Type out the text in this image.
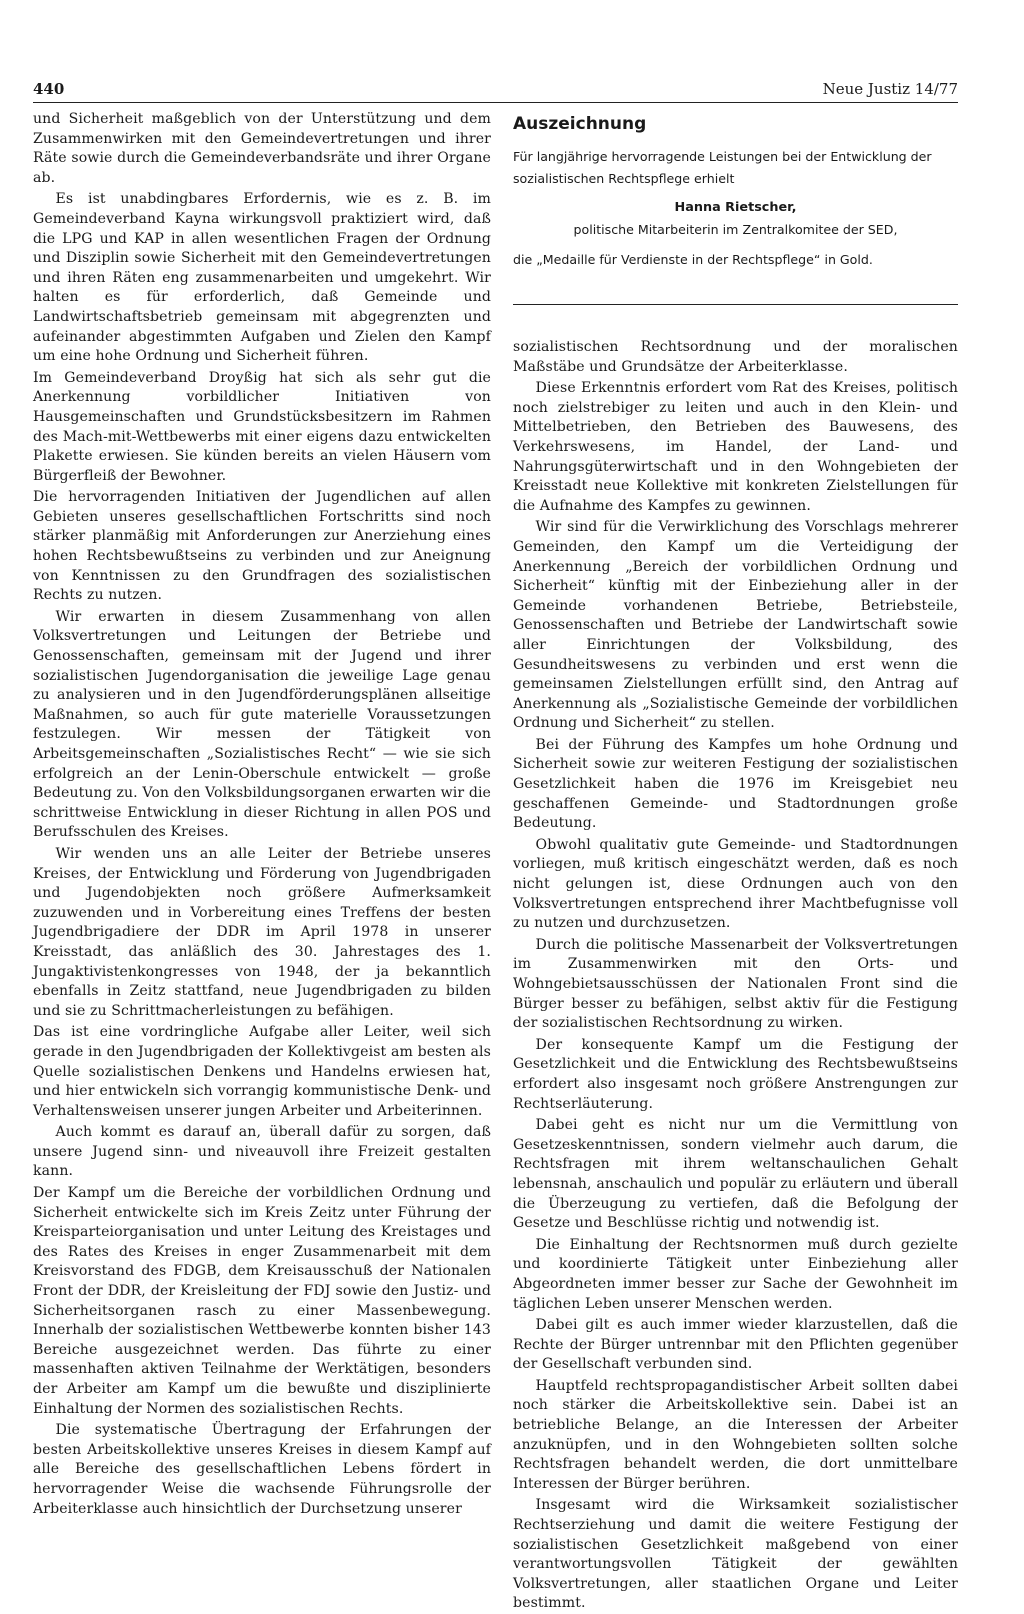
440	Neue Justiz 14/77

und Sicherheit maßgeblich von der Unterstützung und dem Zusammenwirken mit den Gemeindevertretungen und ihrer Räte sowie durch die Gemeindeverbandsräte und ihrer Organe ab.

Es ist unabdingbares Erfordernis, wie es z. B. im Gemeindeverband Kayna wirkungsvoll praktiziert wird, daß die LPG und KAP in allen wesentlichen Fragen der Ordnung und Disziplin sowie Sicherheit mit den Gemeindevertretungen und ihren Räten eng zusammenarbeiten und umgekehrt. Wir halten es für erforderlich, daß Gemeinde und Landwirtschaftsbetrieb gemeinsam mit abgegrenzten und aufeinander abgestimmten Aufgaben und Zielen den Kampf um eine hohe Ordnung und Sicherheit führen.

Im Gemeindeverband Droyßig hat sich als sehr gut die Anerkennung vorbildlicher Initiativen von Hausgemeinschaften und Grundstücksbesitzern im Rahmen des Mach-mit-Wettbewerbs mit einer eigens dazu entwickelten Plakette erwiesen. Sie künden bereits an vielen Häusern vom Bürgerfleiß der Bewohner.

Die hervorragenden Initiativen der Jugendlichen auf allen Gebieten unseres gesellschaftlichen Fortschritts sind noch stärker planmäßig mit Anforderungen zur Anerziehung eines hohen Rechtsbewußtseins zu verbinden und zur Aneignung von Kenntnissen zu den Grundfragen des sozialistischen Rechts zu nutzen.

Wir erwarten in diesem Zusammenhang von allen Volksvertretungen und Leitungen der Betriebe und Genossenschaften, gemeinsam mit der Jugend und ihrer sozialistischen Jugendorganisation die jeweilige Lage genau zu analysieren und in den Jugendförderungsplänen allseitige Maßnahmen, so auch für gute materielle Voraussetzungen festzulegen. Wir messen der Tätigkeit von Arbeitsgemeinschaften „Sozialistisches Recht“ — wie sie sich erfolgreich an der Lenin-Oberschule entwickelt — große Bedeutung zu. Von den Volksbildungsorganen erwarten wir die schrittweise Entwicklung in dieser Richtung in allen POS und Berufsschulen des Kreises.

Wir wenden uns an alle Leiter der Betriebe unseres Kreises, der Entwicklung und Förderung von Jugendbrigaden und Jugendobjekten noch größere Aufmerksamkeit zuzuwenden und in Vorbereitung eines Treffens der besten Jugendbrigadiere der DDR im April 1978 in unserer Kreisstadt, das anläßlich des 30. Jahrestages des 1. Jungaktivistenkongresses von 1948, der ja bekanntlich ebenfalls in Zeitz stattfand, neue Jugendbrigaden zu bilden und sie zu Schrittmacherleistungen zu befähigen.

Das ist eine vordringliche Aufgabe aller Leiter, weil sich gerade in den Jugendbrigaden der Kollektivgeist am besten als Quelle sozialistischen Denkens und Handelns erwiesen hat, und hier entwickeln sich vorrangig kommunistische Denk- und Verhaltensweisen unserer jungen Arbeiter und Arbeiterinnen.

Auch kommt es darauf an, überall dafür zu sorgen, daß unsere Jugend sinn- und niveauvoll ihre Freizeit gestalten kann.

Der Kampf um die Bereiche der vorbildlichen Ordnung und Sicherheit entwickelte sich im Kreis Zeitz unter Führung der Kreisparteiorganisation und unter Leitung des Kreistages und des Rates des Kreises in enger Zusammenarbeit mit dem Kreisvorstand des FDGB, dem Kreisausschuß der Nationalen Front der DDR, der Kreisleitung der FDJ sowie den Justiz- und Sicherheitsorganen rasch zu einer Massenbewegung. Innerhalb der sozialistischen Wettbewerbe konnten bisher 143 Bereiche ausgezeichnet werden. Das führte zu einer massenhaften aktiven Teilnahme der Werktätigen, besonders der Arbeiter am Kampf um die bewußte und disziplinierte Einhaltung der Normen des sozialistischen Rechts.

Die systematische Übertragung der Erfahrungen der besten Arbeitskollektive unseres Kreises in diesem Kampf auf alle Bereiche des gesellschaftlichen Lebens fördert in hervorragender Weise die wachsende Führungsrolle der Arbeiterklasse auch hinsichtlich der Durchsetzung unserer

Auszeichnung

Für langjährige hervorragende Leistungen bei der Entwicklung der sozialistischen Rechtspflege erhielt

Hanna Rietscher,

politische Mitarbeiterin im Zentralkomitee der SED,

die „Medaille für Verdienste in der Rechtspflege“ in Gold.

sozialistischen Rechtsordnung und der moralischen Maßstäbe und Grundsätze der Arbeiterklasse.

Diese Erkenntnis erfordert vom Rat des Kreises, politisch noch zielstrebiger zu leiten und auch in den Klein- und Mittelbetrieben, den Betrieben des Bauwesens, des Verkehrswesens, im Handel, der Land- und Nahrungsgüterwirtschaft und in den Wohngebieten der Kreisstadt neue Kollektive mit konkreten Zielstellungen für die Aufnahme des Kampfes zu gewinnen.

Wir sind für die Verwirklichung des Vorschlags mehrerer Gemeinden, den Kampf um die Verteidigung der Anerkennung „Bereich der vorbildlichen Ordnung und Sicherheit“ künftig mit der Einbeziehung aller in der Gemeinde vorhandenen Betriebe, Betriebsteile, Genossenschaften und Betriebe der Landwirtschaft sowie aller Einrichtungen der Volksbildung, des Gesundheitswesens zu verbinden und erst wenn die gemeinsamen Zielstellungen erfüllt sind, den Antrag auf Anerkennung als „Sozialistische Gemeinde der vorbildlichen Ordnung und Sicherheit“ zu stellen.

Bei der Führung des Kampfes um hohe Ordnung und Sicherheit sowie zur weiteren Festigung der sozialistischen Gesetzlichkeit haben die 1976 im Kreisgebiet neu geschaffenen Gemeinde- und Stadtordnungen große Bedeutung.

Obwohl qualitativ gute Gemeinde- und Stadtordnungen vorliegen, muß kritisch eingeschätzt werden, daß es noch nicht gelungen ist, diese Ordnungen auch von den Volksvertretungen entsprechend ihrer Machtbefugnisse voll zu nutzen und durchzusetzen.

Durch die politische Massenarbeit der Volksvertretungen im Zusammenwirken mit den Orts- und Wohngebietsausschüssen der Nationalen Front sind die Bürger besser zu befähigen, selbst aktiv für die Festigung der sozialistischen Rechtsordnung zu wirken.

Der konsequente Kampf um die Festigung der Gesetzlichkeit und die Entwicklung des Rechtsbewußtseins erfordert also insgesamt noch größere Anstrengungen zur Rechtserläuterung.

Dabei geht es nicht nur um die Vermittlung von Gesetzeskenntnissen, sondern vielmehr auch darum, die Rechtsfragen mit ihrem weltanschaulichen Gehalt lebensnah, anschaulich und populär zu erläutern und überall die Überzeugung zu vertiefen, daß die Befolgung der Gesetze und Beschlüsse richtig und notwendig ist.

Die Einhaltung der Rechtsnormen muß durch gezielte und koordinierte Tätigkeit unter Einbeziehung aller Abgeordneten immer besser zur Sache der Gewohnheit im täglichen Leben unserer Menschen werden.

Dabei gilt es auch immer wieder klarzustellen, daß die Rechte der Bürger untrennbar mit den Pflichten gegenüber der Gesellschaft verbunden sind.

Hauptfeld rechtspropagandistischer Arbeit sollten dabei noch stärker die Arbeitskollektive sein. Dabei ist an betriebliche Belange, an die Interessen der Arbeiter anzuknüpfen, und in den Wohngebieten sollten solche Rechtsfragen behandelt werden, die dort unmittelbare Interessen der Bürger berühren.

Insgesamt wird die Wirksamkeit sozialistischer Rechtserziehung und damit die weitere Festigung der sozialistischen Gesetzlichkeit maßgebend von einer verantwortungsvollen Tätigkeit der gewählten Volksvertretungen, aller staatlichen Organe und Leiter bestimmt.
